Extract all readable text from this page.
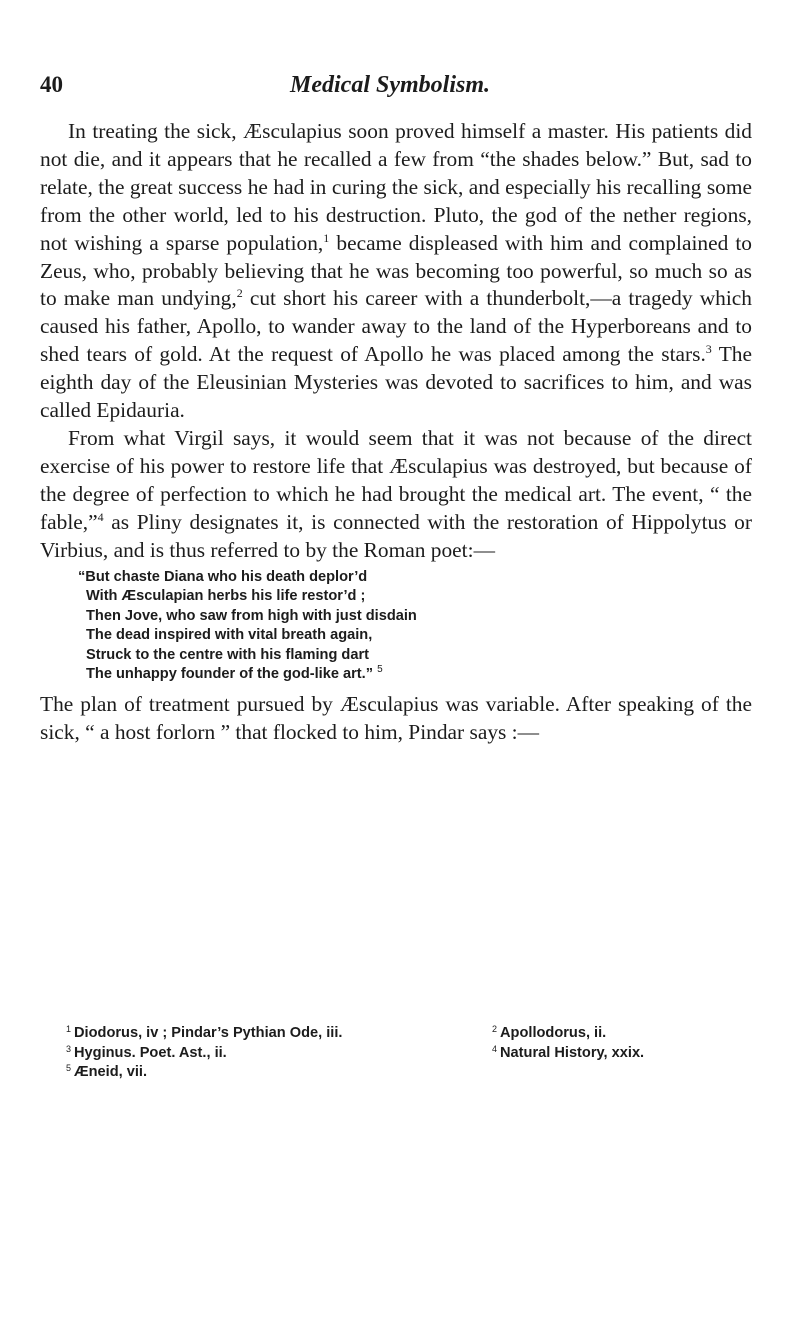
40	Medical Symbolism.

In treating the sick, Æsculapius soon proved himself a master. His patients did not die, and it appears that he recalled a few from “the shades below.” But, sad to relate, the great success he had in curing the sick, and especially his recalling some from the other world, led to his destruction. Pluto, the god of the nether regions, not wishing a sparse population,$^1$ became displeased with him and complained to Zeus, who, probably believing that he was becoming too powerful, so much so as to make man undying,$^2$ cut short his career with a thunderbolt,—a tragedy which caused his father, Apollo, to wander away to the land of the Hyperboreans and to shed tears of gold. At the request of Apollo he was placed among the stars.$^3$ The eighth day of the Eleusinian Mysteries was devoted to sacrifices to him, and was called Epidauria.

From what Virgil says, it would seem that it was not because of the direct exercise of his power to restore life that Æsculapius was destroyed, but because of the degree of perfection to which he had brought the medical art. The event, “ the fable,”$^4$ as Pliny designates it, is connected with the restoration of Hippolytus or Virbius, and is thus referred to by the Roman poet:—

“But chaste Diana who his death deplor’d
With Æsculapian herbs his life restor’d ;
Then Jove, who saw from high with just disdain
The dead inspired with vital breath again,
Struck to the centre with his flaming dart
The unhappy founder of the god-like art.” $^5$

The plan of treatment pursued by Æsculapius was variable. After speaking of the sick, “ a host forlorn ” that flocked to him, Pindar says :—

$^1$ Diodorus, iv ; Pindar’s Pythian Ode, iii.	$^2$ Apollodorus, ii.
$^3$ Hyginus. Poet. Ast., ii.	$^4$ Natural History, xxix.
$^5$ Æneid, vii.
